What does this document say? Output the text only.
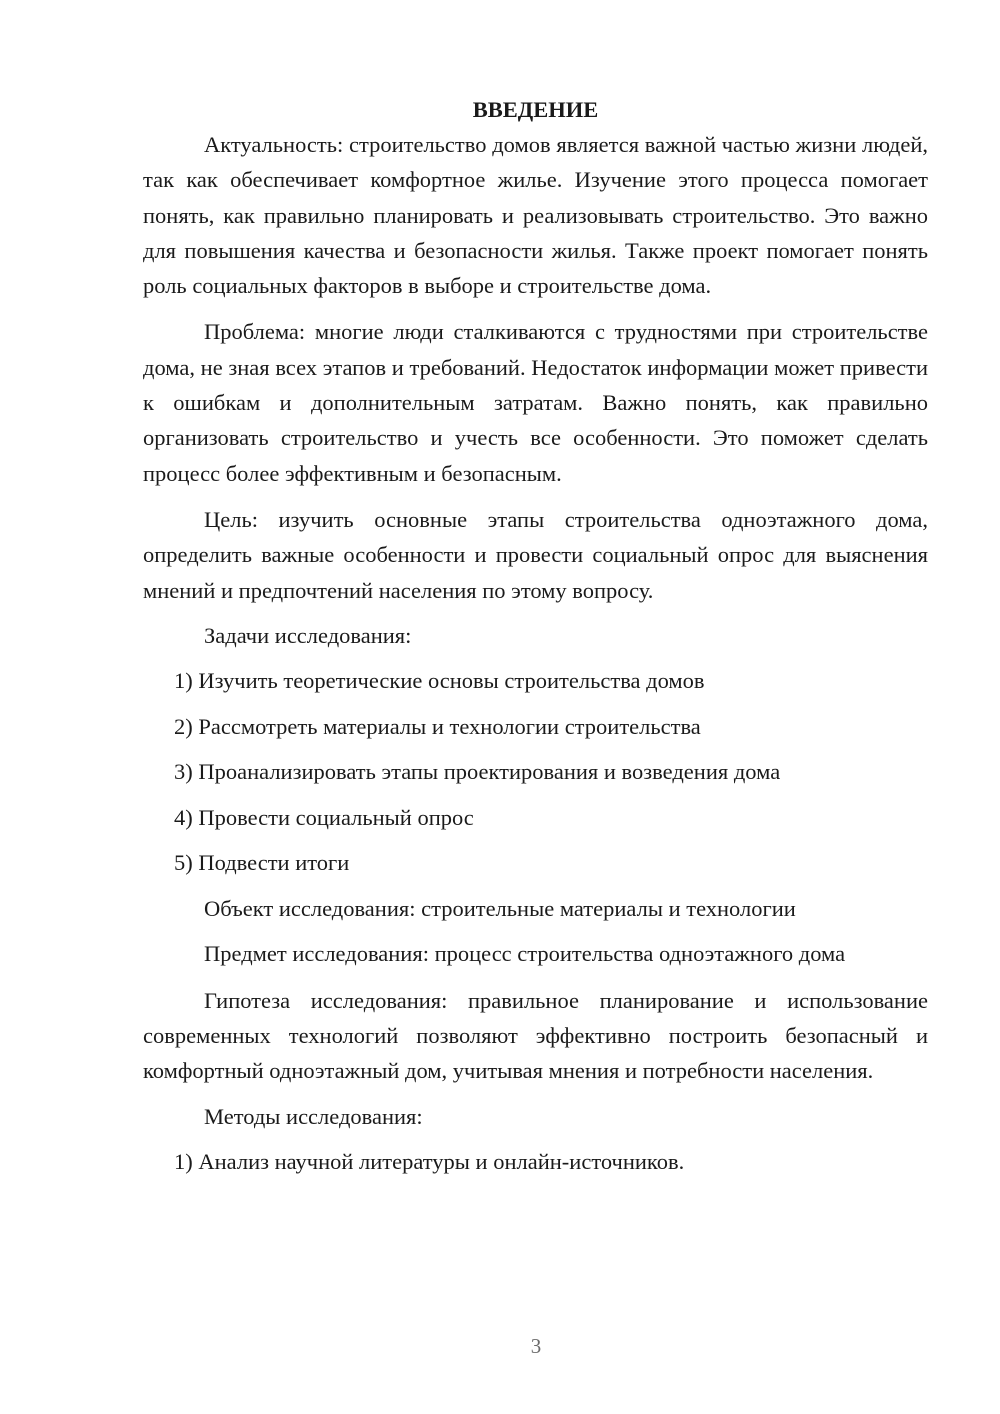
ВВЕДЕНИЕ

Актуальность: строительство домов является важной частью жизни людей, так как обеспечивает комфортное жилье. Изучение этого процесса помогает понять, как правильно планировать и реализовывать строительство. Это важно для повышения качества и безопасности жилья. Также проект помогает понять роль социальных факторов в выборе и строительстве дома.

Проблема: многие люди сталкиваются с трудностями при строительстве дома, не зная всех этапов и требований. Недостаток информации может привести к ошибкам и дополнительным затратам. Важно понять, как правильно организовать строительство и учесть все особенности. Это поможет сделать процесс более эффективным и безопасным.

Цель: изучить основные этапы строительства одноэтажного дома, определить важные особенности и провести социальный опрос для выяснения мнений и предпочтений населения по этому вопросу.

Задачи исследования:

1) Изучить теоретические основы строительства домов

2) Рассмотреть материалы и технологии строительства

3) Проанализировать этапы проектирования и возведения дома

4) Провести социальный опрос

5) Подвести итоги

Объект исследования: строительные материалы и технологии

Предмет исследования: процесс строительства одноэтажного дома

Гипотеза исследования: правильное планирование и использование современных технологий позволяют эффективно построить безопасный и комфортный одноэтажный дом, учитывая мнения и потребности населения.

Методы исследования:

1) Анализ научной литературы и онлайн-источников.

3
